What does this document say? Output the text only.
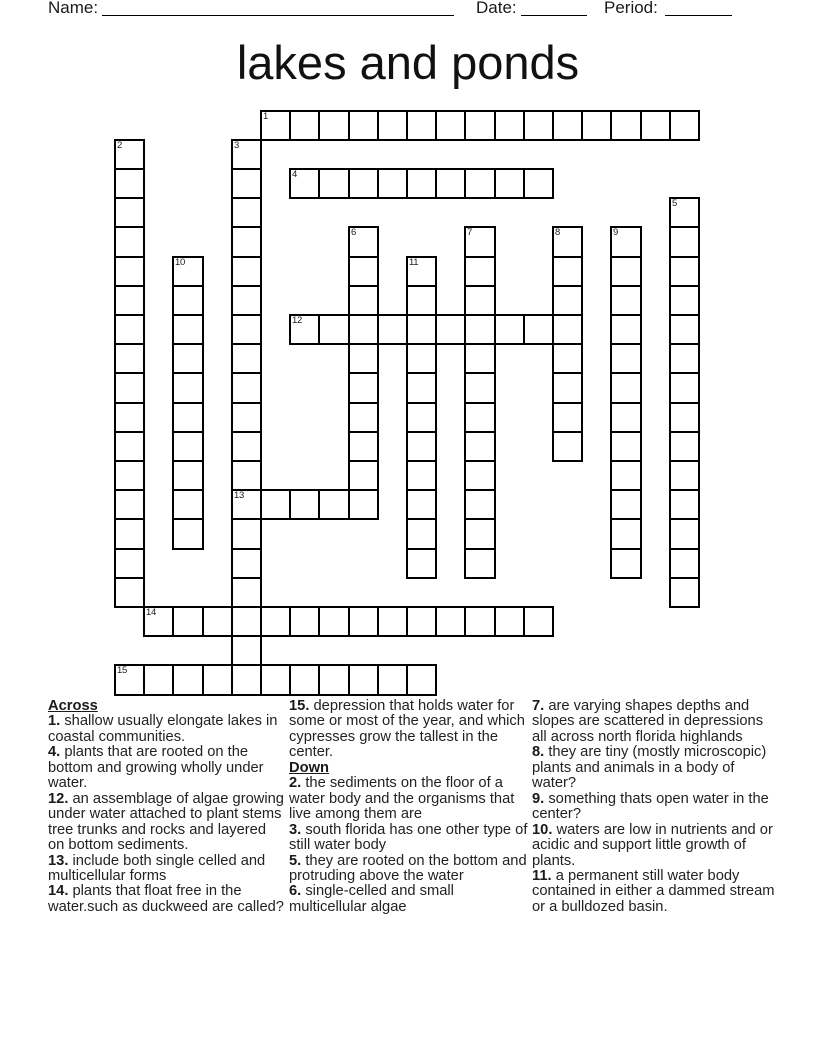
Name:	Date:	Period:
lakes and ponds
1
2	3
4
5
6	7	8	9
10	11
12
13
14
15
Across
1. shallow usually elongate lakes in coastal communities.
4. plants that are rooted on the bottom and growing wholly under water.
12. an assemblage of algae growing under water attached to plant stems tree trunks and rocks and layered on bottom sediments.
13. include both single celled and multicellular forms
14. plants that float free in the water.such as duckweed are called?
15. depression that holds water for some or most of the year, and which cypresses grow the tallest in the center.
Down
2. the sediments on the floor of a water body and the organisms that live among them are
3. south florida has one other type of still water body
5. they are rooted on the bottom and protruding above the water
6. single-celled and small multicellular algae
7. are varying shapes depths and slopes are scattered in depressions all across north florida highlands
8. they are tiny (mostly microscopic) plants and animals in a body of water?
9. something thats open water in the center?
10. waters are low in nutrients and or acidic and support little growth of plants.
11. a permanent still water body contained in either a dammed stream or a bulldozed basin.
